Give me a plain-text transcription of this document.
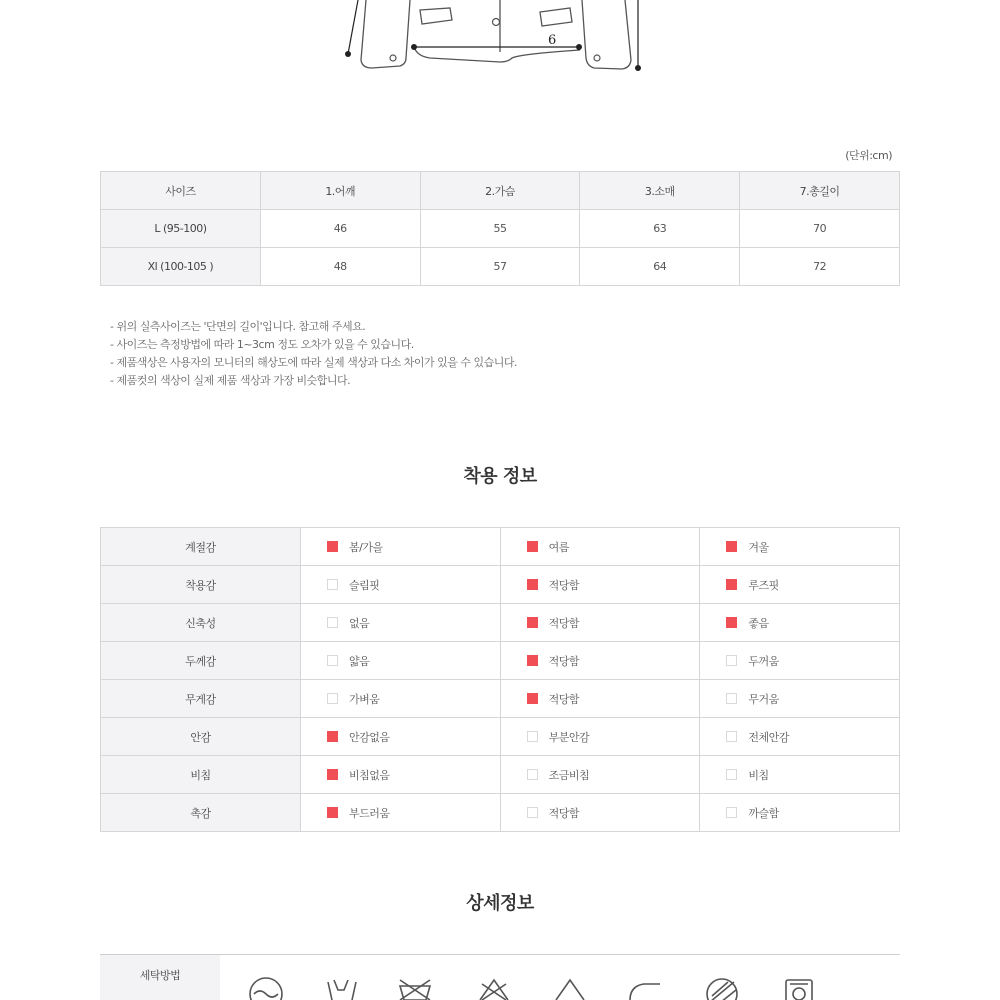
6
(단위:cm)
사이즈	1.어깨	2.가슴	3.소매	7.총길이
L (95-100)	46	55	63	70
Xl (100-105 )	48	57	64	72
- 위의 실측사이즈는 '단면의 길이'입니다. 참고해 주세요.
- 사이즈는 측정방법에 따라 1~3cm 정도 오차가 있을 수 있습니다.
- 제품색상은 사용자의 모니터의 해상도에 따라 실제 색상과 다소 차이가 있을 수 있습니다.
- 제품컷의 색상이 실제 제품 색상과 가장 비슷합니다.
착용 정보
계절감	봄/가을	여름	겨울
착용감	슬림핏	적당함	루즈핏
신축성	없음	적당함	좋음
두께감	얇음	적당함	두꺼움
무게감	가벼움	적당함	무거움
안감	안감없음	부분안감	전체안감
비침	비침없음	조금비침	비침
촉감	부드러움	적당함	까슬함
상세정보
세탁방법
